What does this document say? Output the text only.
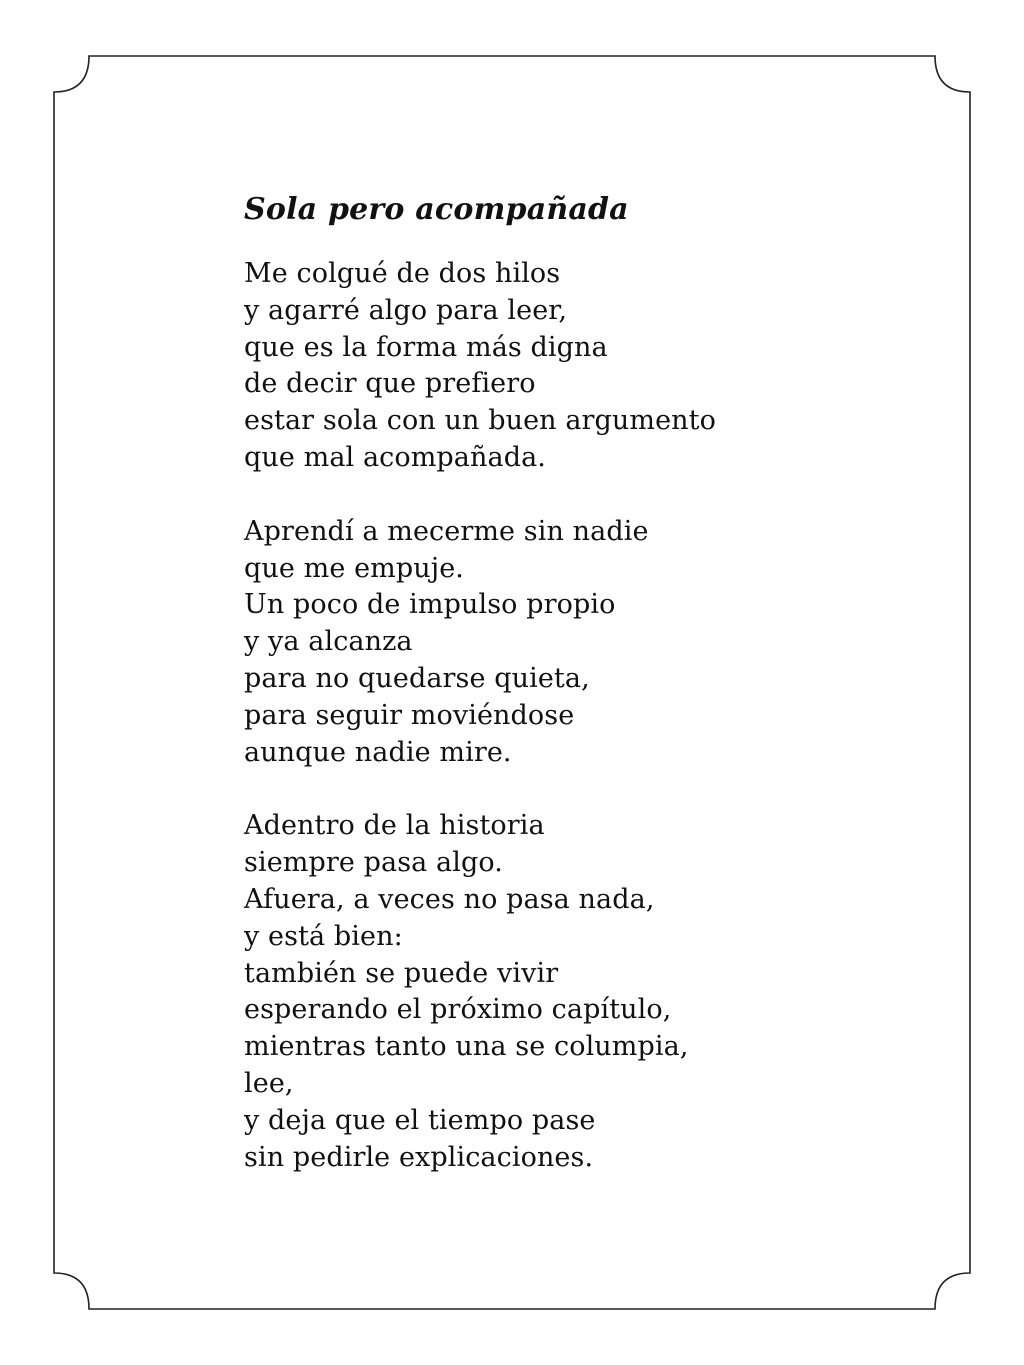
Sola pero acompañada
Me colgué de dos hilos
y agarré algo para leer,
que es la forma más digna
de decir que prefiero
estar sola con un buen argumento
que mal acompañada.
Aprendí a mecerme sin nadie
que me empuje.
Un poco de impulso propio
y ya alcanza
para no quedarse quieta,
para seguir moviéndose
aunque nadie mire.
Adentro de la historia
siempre pasa algo.
Afuera, a veces no pasa nada,
y está bien:
también se puede vivir
esperando el próximo capítulo,
mientras tanto una se columpia,
lee,
y deja que el tiempo pase
sin pedirle explicaciones.
